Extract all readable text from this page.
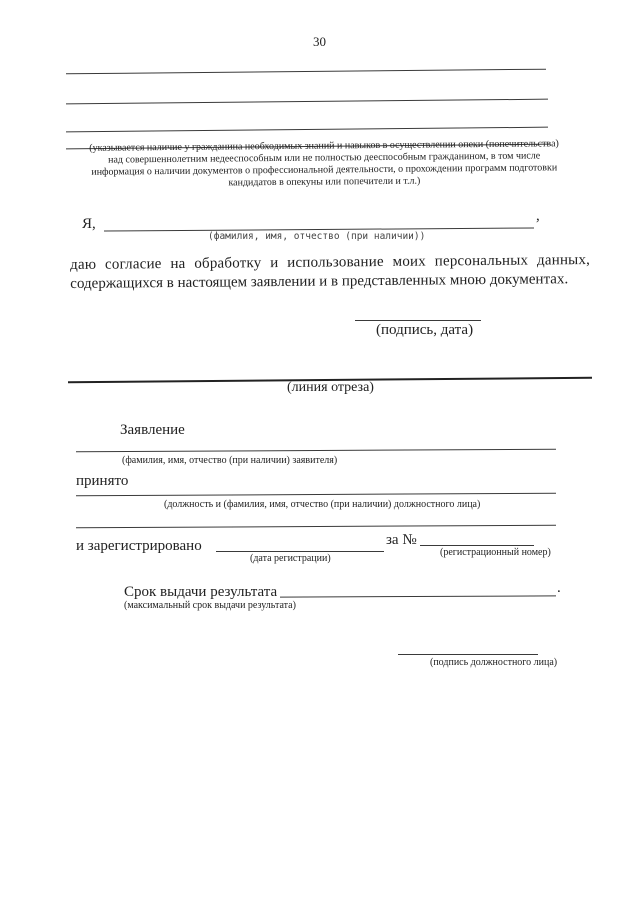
30
(указывается наличие у гражданина необходимых знаний и навыков в осуществлении опеки (попечительства)
над совершеннолетним недееспособным или не полностью дееспособным гражданином, в том числе
информация о наличии документов о профессиональной деятельности, о прохождении программ подготовки
кандидатов в опекуны или попечители и т.л.)
Я,	,
(фамилия, имя, отчество (при наличии))
даю согласие на обработку и использование моих персональных данных,
содержащихся в настоящем заявлении и в представленных мною документах.
(подпись, дата)
(линия отреза)
Заявление
(фамилия, имя, отчество (при наличии) заявителя)
принято
(должность и (фамилия, имя, отчество (при наличии) должностного лица)
и зарегистрировано	за №
(дата регистрации)
(регистрационный номер)
Срок выдачи результата	.
(максимальный срок выдачи результата)
(подпись должностного лица)
